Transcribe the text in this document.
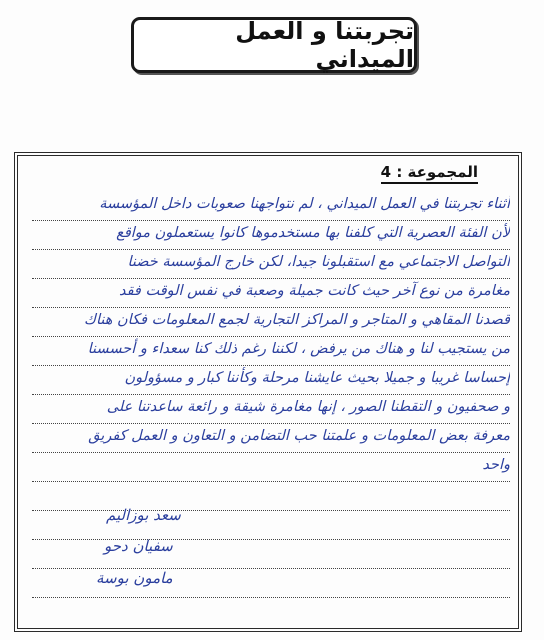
تجربتنا و العمل الميداني
المجموعة : 4
أثناء تجربتنا في العمل الميداني ، لم نتواجهنا صعوبات داخل المؤسسة
لأن الفئة العصرية التي كلفنا بها مستخدموها كانوا يستعملون مواقع
التواصل الاجتماعي مع استقبلونا جيدا، لكن خارج المؤسسة خضنا
مغامرة من نوع آخر حيث كانت جميلة وصعبة في نفس الوقت فقد
قصدنا المقاهي و المتاجر و المراكز التجارية لجمع المعلومات فكان هناك
من يستجيب لنا و هناك من يرفض ، لكننا رغم ذلك كنا سعداء و أحسسنا
إحساسا غريبا و جميلا بحيث عايشنا مرحلة وكأننا كبار و مسؤولون
و صحفيون و التقطنا الصور ، إنها مغامرة شيقة و رائعة ساعدتنا على
معرفة بعض المعلومات و علمتنا حب التضامن و التعاون و العمل كفريق
واحد
سعد بوزاليم
سفيان دحو
مامون بوسة
